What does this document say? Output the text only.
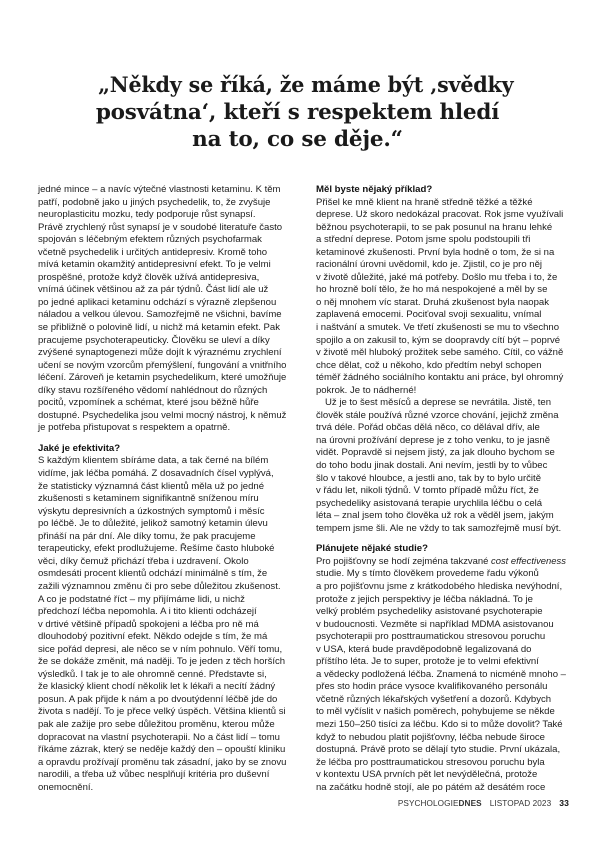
„Někdy se říká, že máme být ‚svědky
posvátna‘, kteří s respektem hledí
na to, co se děje.“

jedné mince – a navíc výtečné vlastnosti ketaminu. K těm
patří, podobně jako u jiných psychedelik, to, že zvyšuje
neuroplasticitu mozku, tedy podporuje růst synapsí.
Právě zrychlený růst synapsí je v soudobé literatuře často
spojován s léčebným efektem různých psychofarmak
včetně psychedelik i určitých antidepresiv. Kromě toho
mívá ketamin okamžitý antidepresivní efekt. To je velmi
prospěšné, protože když člověk užívá antidepresiva,
vnímá účinek většinou až za pár týdnů. Část lidí ale už
po jedné aplikaci ketaminu odchází s výrazně zlepšenou
náladou a velkou úlevou. Samozřejmě ne všichni, bavíme
se přibližně o polovině lidí, u nichž má ketamin efekt. Pak
pracujeme psychoterapeuticky. Člověku se uleví a díky
zvýšené synaptogenezi může dojít k výraznému zrychlení
učení se novým vzorcům přemýšlení, fungování a vnitřního
léčení. Zároveň je ketamin psychedelikum, které umožňuje
díky stavu rozšířeného vědomí nahlédnout do různých
pocitů, vzpomínek a schémat, které jsou běžně hůře
dostupné. Psychedelika jsou velmi mocný nástroj, k němuž
je potřeba přistupovat s respektem a opatrně.

Jaké je efektivita?

S každým klientem sbíráme data, a tak černé na bílém
vidíme, jak léčba pomáhá. Z dosavadních čísel vyplývá,
že statisticky významná část klientů měla už po jedné
zkušenosti s ketaminem signifikantně sníženou míru
výskytu depresivních a úzkostných symptomů i měsíc
po léčbě. Je to důležité, jelikož samotný ketamin úlevu
přináší na pár dní. Ale díky tomu, že pak pracujeme
terapeuticky, efekt prodlužujeme. Řešíme často hluboké
věci, díky čemuž přichází třeba i uzdravení. Okolo
osmdesáti procent klientů odchází minimálně s tím, že
zažili významnou změnu či pro sebe důležitou zkušenost.
A co je podstatné říct – my přijímáme lidi, u nichž
předchozí léčba nepomohla. A i tito klienti odcházejí
v drtivé většině případů spokojeni a léčba pro ně má
dlouhodobý pozitivní efekt. Někdo odejde s tím, že má
sice pořád depresi, ale něco se v ním pohnulo. Věří tomu,
že se dokáže změnit, má naději. To je jeden z těch horších
výsledků. I tak je to ale ohromně cenné. Představte si,
že klasický klient chodí několik let k lékaři a necítí žádný
posun. A pak přijde k nám a po dvoutýdenní léčbě jde do
života s nadějí. To je přece velký úspěch. Většina klientů si
pak ale zažije pro sebe důležitou proměnu, kterou může
dopracovat na vlastní psychoterapii. No a část lidí – tomu
říkáme zázrak, který se neděje každý den – opouští kliniku
a opravdu prožívají proměnu tak zásadní, jako by se znovu
narodili, a třeba už vůbec nesplňují kritéria pro duševní
onemocnění.

Měl byste nějaký příklad?

Přišel ke mně klient na hraně středně těžké a těžké
deprese. Už skoro nedokázal pracovat. Rok jsme využívali
běžnou psychoterapii, to se pak posunul na hranu lehké
a střední deprese. Potom jsme spolu podstoupili tři
ketaminové zkušenosti. První byla hodně o tom, že si na
racionální úrovni uvědomil, kdo je. Zjistil, co je pro něj
v životě důležité, jaké má potřeby. Došlo mu třeba i to, že
ho hrozně bolí tělo, že ho má nespokojené a měl by se
o něj mnohem víc starat. Druhá zkušenost byla naopak
zaplavená emocemi. Pociťoval svoji sexualitu, vnímal
i naštvání a smutek. Ve třetí zkušenosti se mu to všechno
spojilo a on zakusil to, kým se doopravdy cítí být – poprvé
v životě měl hluboký prožitek sebe samého. Cítil, co vážně
chce dělat, což u někoho, kdo předtím nebyl schopen
téměř žádného sociálního kontaktu ani práce, byl ohromný
pokrok. Je to nádherné!

Už je to šest měsíců a deprese se nevrátila. Jistě, ten
člověk stále používá různé vzorce chování, jejichž změna
trvá déle. Pořád občas dělá něco, co dělával dřív, ale
na úrovni prožívání deprese je z toho venku, to je jasně
vidět. Popravdě si nejsem jistý, za jak dlouho bychom se
do toho bodu jinak dostali. Ani nevím, jestli by to vůbec
šlo v takové hloubce, a jestli ano, tak by to bylo určitě
v řádu let, nikoli týdnů. V tomto případě můžu říct, že
psychedeliky asistovaná terapie urychlila léčbu o celá
léta – znal jsem toho člověka už rok a věděl jsem, jakým
tempem jsme šli. Ale ne vždy to tak samozřejmě musí být.

Plánujete nějaké studie?

Pro pojišťovny se hodí zejména takzvané cost effectiveness
studie. My s tímto člověkem provedeme řadu výkonů
a pro pojišťovnu jsme z krátkodobého hlediska nevýhodní,
protože z jejich perspektivy je léčba nákladná. To je
velký problém psychedeliky asistované psychoterapie
v budoucnosti. Vezměte si například MDMA asistovanou
psychoterapii pro posttraumatickou stresovou poruchu
v USA, která bude pravděpodobně legalizovaná do
příštího léta. Je to super, protože je to velmi efektivní
a vědecky podložená léčba. Znamená to nicméně mnoho –
přes sto hodin práce vysoce kvalifikovaného personálu
včetně různých lékařských vyšetření a dozorů. Kdybych
to měl vyčíslit v našich poměrech, pohybujeme se někde
mezi 150–250 tisíci za léčbu. Kdo si to může dovolit? Také
když to nebudou platit pojišťovny, léčba nebude široce
dostupná. Právě proto se dělají tyto studie. První ukázala,
že léčba pro posttraumatickou stresovou poruchu byla
v kontextu USA prvních pět let nevýdělečná, protože
na začátku hodně stojí, ale po pátém až desátém roce

PSYCHOLOGIEDNES LISTOPAD 2023 33
